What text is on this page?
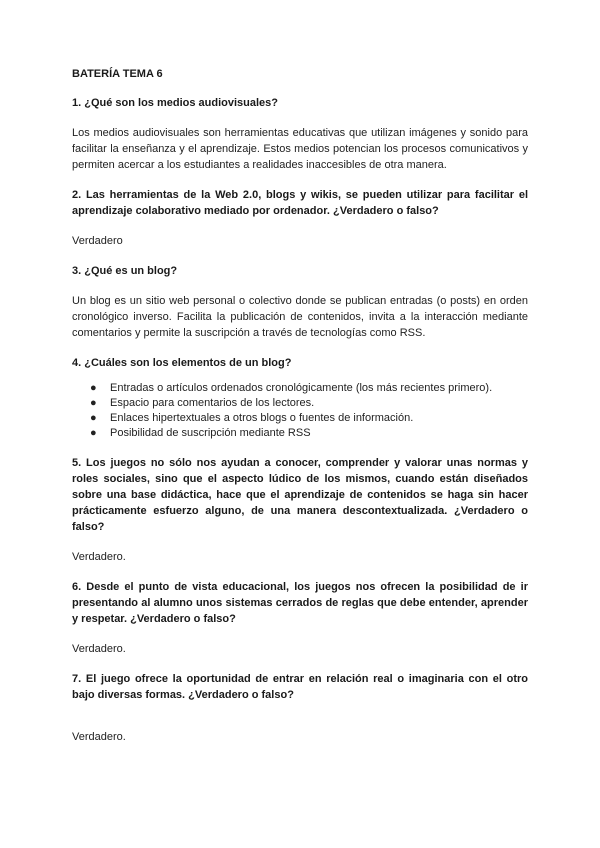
BATERÍA TEMA 6

1. ¿Qué son los medios audiovisuales?

Los medios audiovisuales son herramientas educativas que utilizan imágenes y sonido para facilitar la enseñanza y el aprendizaje. Estos medios potencian los procesos comunicativos y permiten acercar a los estudiantes a realidades inaccesibles de otra manera.

2. Las herramientas de la Web 2.0, blogs y wikis, se pueden utilizar para facilitar el aprendizaje colaborativo mediado por ordenador. ¿Verdadero o falso?

Verdadero

3. ¿Qué es un blog?

Un blog es un sitio web personal o colectivo donde se publican entradas (o posts) en orden cronológico inverso. Facilita la publicación de contenidos, invita a la interacción mediante comentarios y permite la suscripción a través de tecnologías como RSS.

4. ¿Cuáles son los elementos de un blog?

● Entradas o artículos ordenados cronológicamente (los más recientes primero).
● Espacio para comentarios de los lectores.
● Enlaces hipertextuales a otros blogs o fuentes de información.
● Posibilidad de suscripción mediante RSS

5. Los juegos no sólo nos ayudan a conocer, comprender y valorar unas normas y roles sociales, sino que el aspecto lúdico de los mismos, cuando están diseñados sobre una base didáctica, hace que el aprendizaje de contenidos se haga sin hacer prácticamente esfuerzo alguno, de una manera descontextualizada. ¿Verdadero o falso?

Verdadero.

6. Desde el punto de vista educacional, los juegos nos ofrecen la posibilidad de ir presentando al alumno unos sistemas cerrados de reglas que debe entender, aprender y respetar. ¿Verdadero o falso?

Verdadero.

7. El juego ofrece la oportunidad de entrar en relación real o imaginaria con el otro bajo diversas formas. ¿Verdadero o falso?

Verdadero.
